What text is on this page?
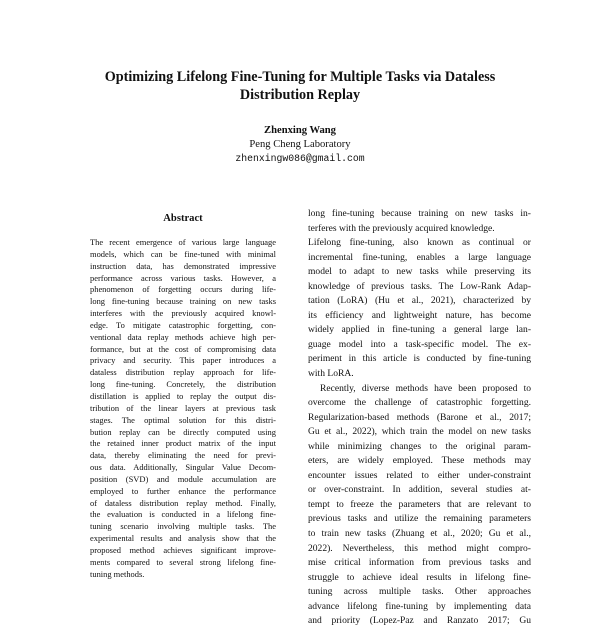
Optimizing Lifelong Fine-Tuning for Multiple Tasks via Dataless
Distribution Replay
Zhenxing Wang
Peng Cheng Laboratory
zhenxingw086@gmail.com
Abstract
The recent emergence of various large language
models, which can be fine-tuned with minimal
instruction data, has demonstrated impressive
performance across various tasks. However, a
phenomenon of forgetting occurs during life-
long fine-tuning because training on new tasks
interferes with the previously acquired knowl-
edge. To mitigate catastrophic forgetting, con-
ventional data replay methods achieve high per-
formance, but at the cost of compromising data
privacy and security. This paper introduces a
dataless distribution replay approach for life-
long fine-tuning. Concretely, the distribution
distillation is applied to replay the output dis-
tribution of the linear layers at previous task
stages. The optimal solution for this distri-
bution replay can be directly computed using
the retained inner product matrix of the input
data, thereby eliminating the need for previ-
ous data. Additionally, Singular Value Decom-
position (SVD) and module accumulation are
employed to further enhance the performance
of dataless distribution replay method. Finally,
the evaluation is conducted in a lifelong fine-
tuning scenario involving multiple tasks. The
experimental results and analysis show that the
proposed method achieves significant improve-
ments compared to several strong lifelong fine-
tuning methods.
long fine-tuning because training on new tasks in-
terferes with the previously acquired knowledge.
Lifelong fine-tuning, also known as continual or
incremental fine-tuning, enables a large language
model to adapt to new tasks while preserving its
knowledge of previous tasks. The Low-Rank Adap-
tation (LoRA) (Hu et al., 2021), characterized by
its efficiency and lightweight nature, has become
widely applied in fine-tuning a general large lan-
guage model into a task-specific model. The ex-
periment in this article is conducted by fine-tuning
with LoRA.
Recently, diverse methods have been proposed to
overcome the challenge of catastrophic forgetting.
Regularization-based methods (Barone et al., 2017;
Gu et al., 2022), which train the model on new tasks
while minimizing changes to the original param-
eters, are widely employed. These methods may
encounter issues related to either under-constraint
or over-constraint. In addition, several studies at-
tempt to freeze the parameters that are relevant to
previous tasks and utilize the remaining parameters
to train new tasks (Zhuang et al., 2020; Gu et al.,
2022). Nevertheless, this method might compro-
mise critical information from previous tasks and
struggle to achieve ideal results in lifelong fine-
tuning across multiple tasks. Other approaches
advance lifelong fine-tuning by implementing data
and priority (Lopez-Paz and Ranzato 2017; Gu
